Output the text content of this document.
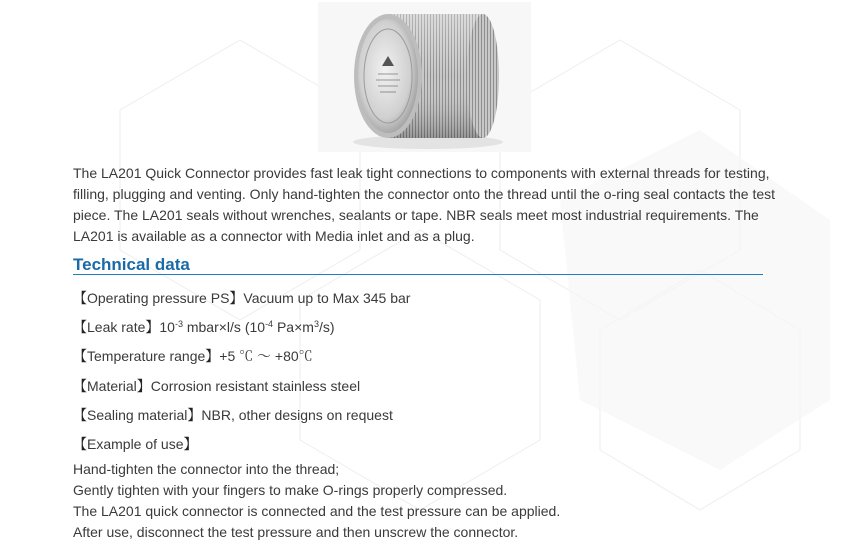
The LA201 Quick Connector provides fast leak tight connections to components with external threads for testing, filling, plugging and venting. Only hand-tighten the connector onto the thread until the o-ring seal contacts the test piece. The LA201 seals without wrenches, sealants or tape. NBR seals meet most industrial requirements. The LA201 is available as a connector with Media inlet and as a plug.

Technical data
【Operating pressure PS】Vacuum up to Max 345 bar
【Leak rate】$10^{-3}$ mbar×l/s ($10^{-4}$ $Pa\times m^3/s$)
【Temperature range】+5 ℃ ～ +80℃
【Material】Corrosion resistant stainless steel
【Sealing material】NBR, other designs on request
【Example of use】
Hand-tighten the connector into the thread;
Gently tighten with your fingers to make O-rings properly compressed.
The LA201 quick connector is connected and the test pressure can be applied.
After use, disconnect the test pressure and then unscrew the connector.
